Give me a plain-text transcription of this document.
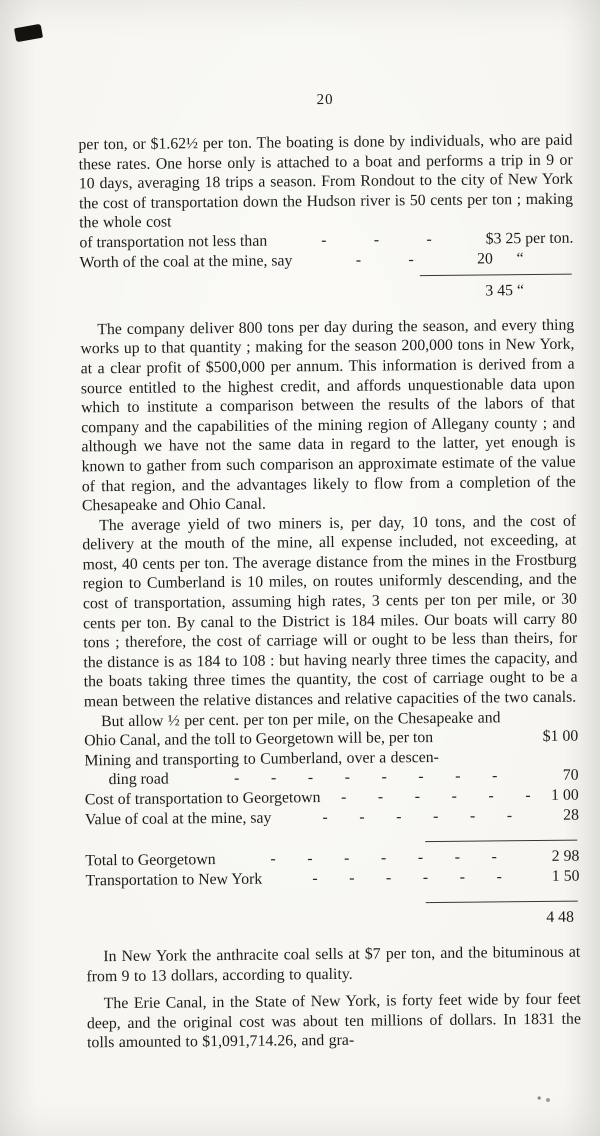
20

per ton, or $1.62½ per ton. The boating is done by individuals, who are paid these rates. One horse only is attached to a boat and performs a trip in 9 or 10 days, averaging 18 trips a season. From Rondout to the city of New York the cost of transportation down the Hudson river is 50 cents per ton ; making the whole cost

of transportation not less than	-            -            -	$3 25 per ton.
Worth of the coal at the mine, say	-            -	20      “
3 45 “

The company deliver 800 tons per day during the season, and every thing works up to that quantity ; making for the season 200,000 tons in New York, at a clear profit of $500,000 per annum. This information is derived from a source entitled to the highest credit, and affords unquestionable data upon which to institute a comparison between the results of the labors of that company and the capabilities of the mining region of Allegany county ; and although we have not the same data in regard to the latter, yet enough is known to gather from such comparison an approximate estimate of the value of that region, and the advantages likely to flow from a completion of the Chesapeake and Ohio Canal.

The average yield of two miners is, per day, 10 tons, and the cost of delivery at the mouth of the mine, all expense included, not exceeding, at most, 40 cents per ton. The average distance from the mines in the Frostburg region to Cumberland is 10 miles, on routes uniformly descending, and the cost of transportation, assuming high rates, 3 cents per ton per mile, or 30 cents per ton. By canal to the District is 184 miles. Our boats will carry 80 tons ; therefore, the cost of carriage will or ought to be less than theirs, for the distance is as 184 to 108 : but having nearly three times the capacity, and the boats taking three times the quantity, the cost of carriage ought to be a mean between the relative distances and relative capacities of the two canals.

But allow ½ per cent. per ton per mile, on the Chesapeake and

Ohio Canal, and the toll to Georgetown will be, per ton	$1 00

Mining and transporting to Cumberland, over a descen-

ding road	-        -        -        -        -        -        -        -	70
Cost of transportation to Georgetown	-        -        -        -        -        -	1 00
Value of coal at the mine, say	-        -        -        -        -        -	28
Total to Georgetown	-        -        -        -        -        -        -	2 98
Transportation to New York	-        -        -        -        -        -	1 50
4 48

In New York the anthracite coal sells at $7 per ton, and the bituminous at from 9 to 13 dollars, according to quality.

The Erie Canal, in the State of New York, is forty feet wide by four feet deep, and the original cost was about ten millions of dollars. In 1831 the tolls amounted to $1,091,714.26, and gra-
